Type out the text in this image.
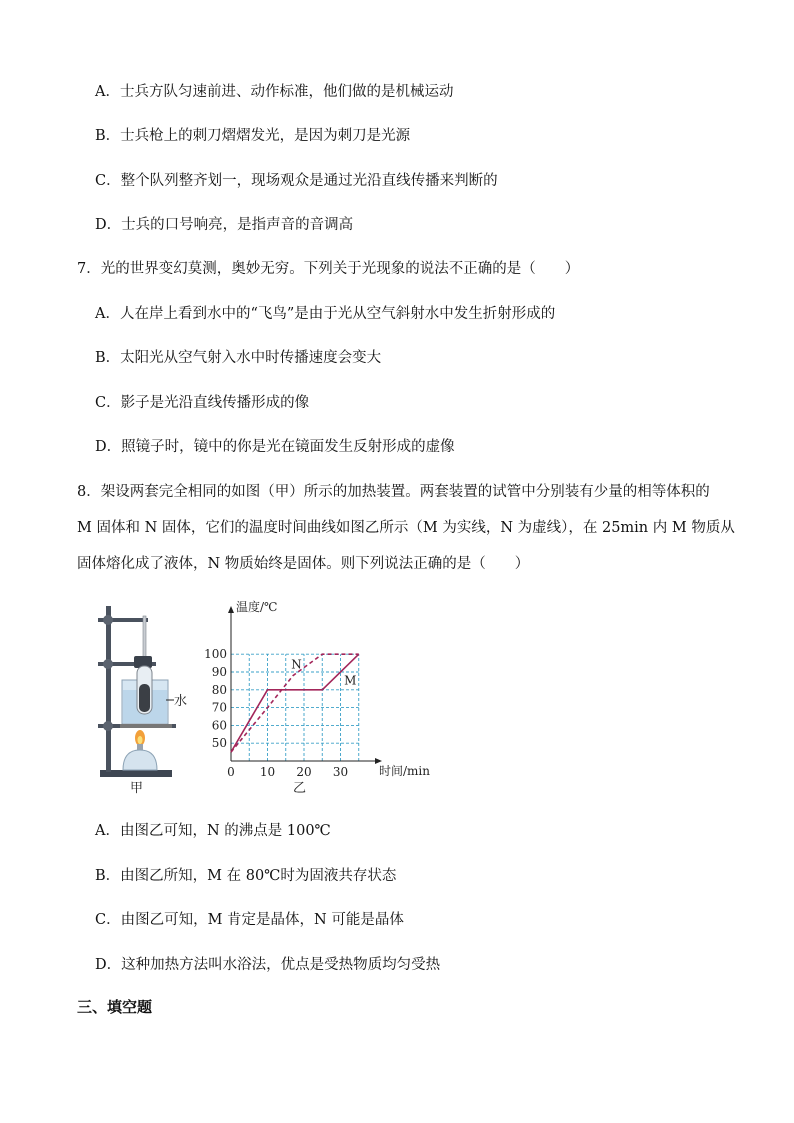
A．士兵方队匀速前进、动作标准，他们做的是机械运动
B．士兵枪上的刺刀熠熠发光，是因为刺刀是光源
C．整个队列整齐划一，现场观众是通过光沿直线传播来判断的
D．士兵的口号响亮，是指声音的音调高
7．光的世界变幻莫测，奥妙无穷。下列关于光现象的说法不正确的是（　　）
A．人在岸上看到水中的“飞鸟”是由于光从空气斜射水中发生折射形成的
B．太阳光从空气射入水中时传播速度会变大
C．影子是光沿直线传播形成的像
D．照镜子时，镜中的你是光在镜面发生反射形成的虚像
8．架设两套完全相同的如图（甲）所示的加热装置。两套装置的试管中分别装有少量的相等体积的
M 固体和 N 固体，它们的温度时间曲线如图乙所示（M 为实线，N 为虚线），在 25min 内 M 物质从
固体熔化成了液体，N 物质始终是固体。则下列说法正确的是（　　）
水
甲
50
60
70
80
90
100
0 10 20 30
N
M
温度/℃
时间/min
乙
A．由图乙可知，N 的沸点是 100℃
B．由图乙所知，M 在 80℃时为固液共存状态
C．由图乙可知，M 肯定是晶体，N 可能是晶体
D．这种加热方法叫水浴法，优点是受热物质均匀受热
三、填空题
